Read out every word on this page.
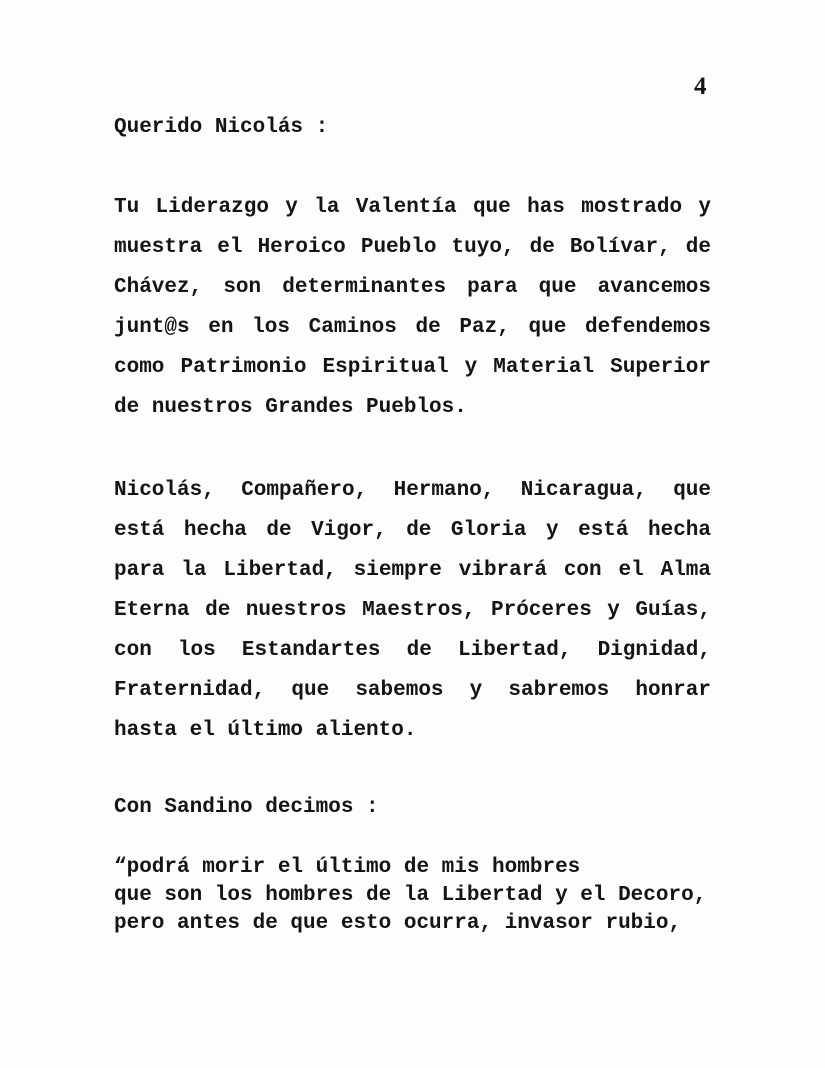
4
Querido Nicolás :
Tu Liderazgo y la Valentía que has mostrado y
muestra el Heroico Pueblo tuyo, de Bolívar, de
Chávez, son determinantes para que avancemos
junt@s en los Caminos de Paz, que defendemos
como Patrimonio Espiritual y Material Superior
de nuestros Grandes Pueblos.
Nicolás, Compañero, Hermano, Nicaragua, que
está hecha de Vigor, de Gloria y está hecha
para la Libertad, siempre vibrará con el Alma
Eterna de nuestros Maestros, Próceres y Guías,
con los Estandartes de Libertad, Dignidad,
Fraternidad, que sabemos y sabremos honrar
hasta el último aliento.
Con Sandino decimos :
“podrá morir el último de mis hombres
que son los hombres de la Libertad y el Decoro,
pero antes de que esto ocurra, invasor rubio,
